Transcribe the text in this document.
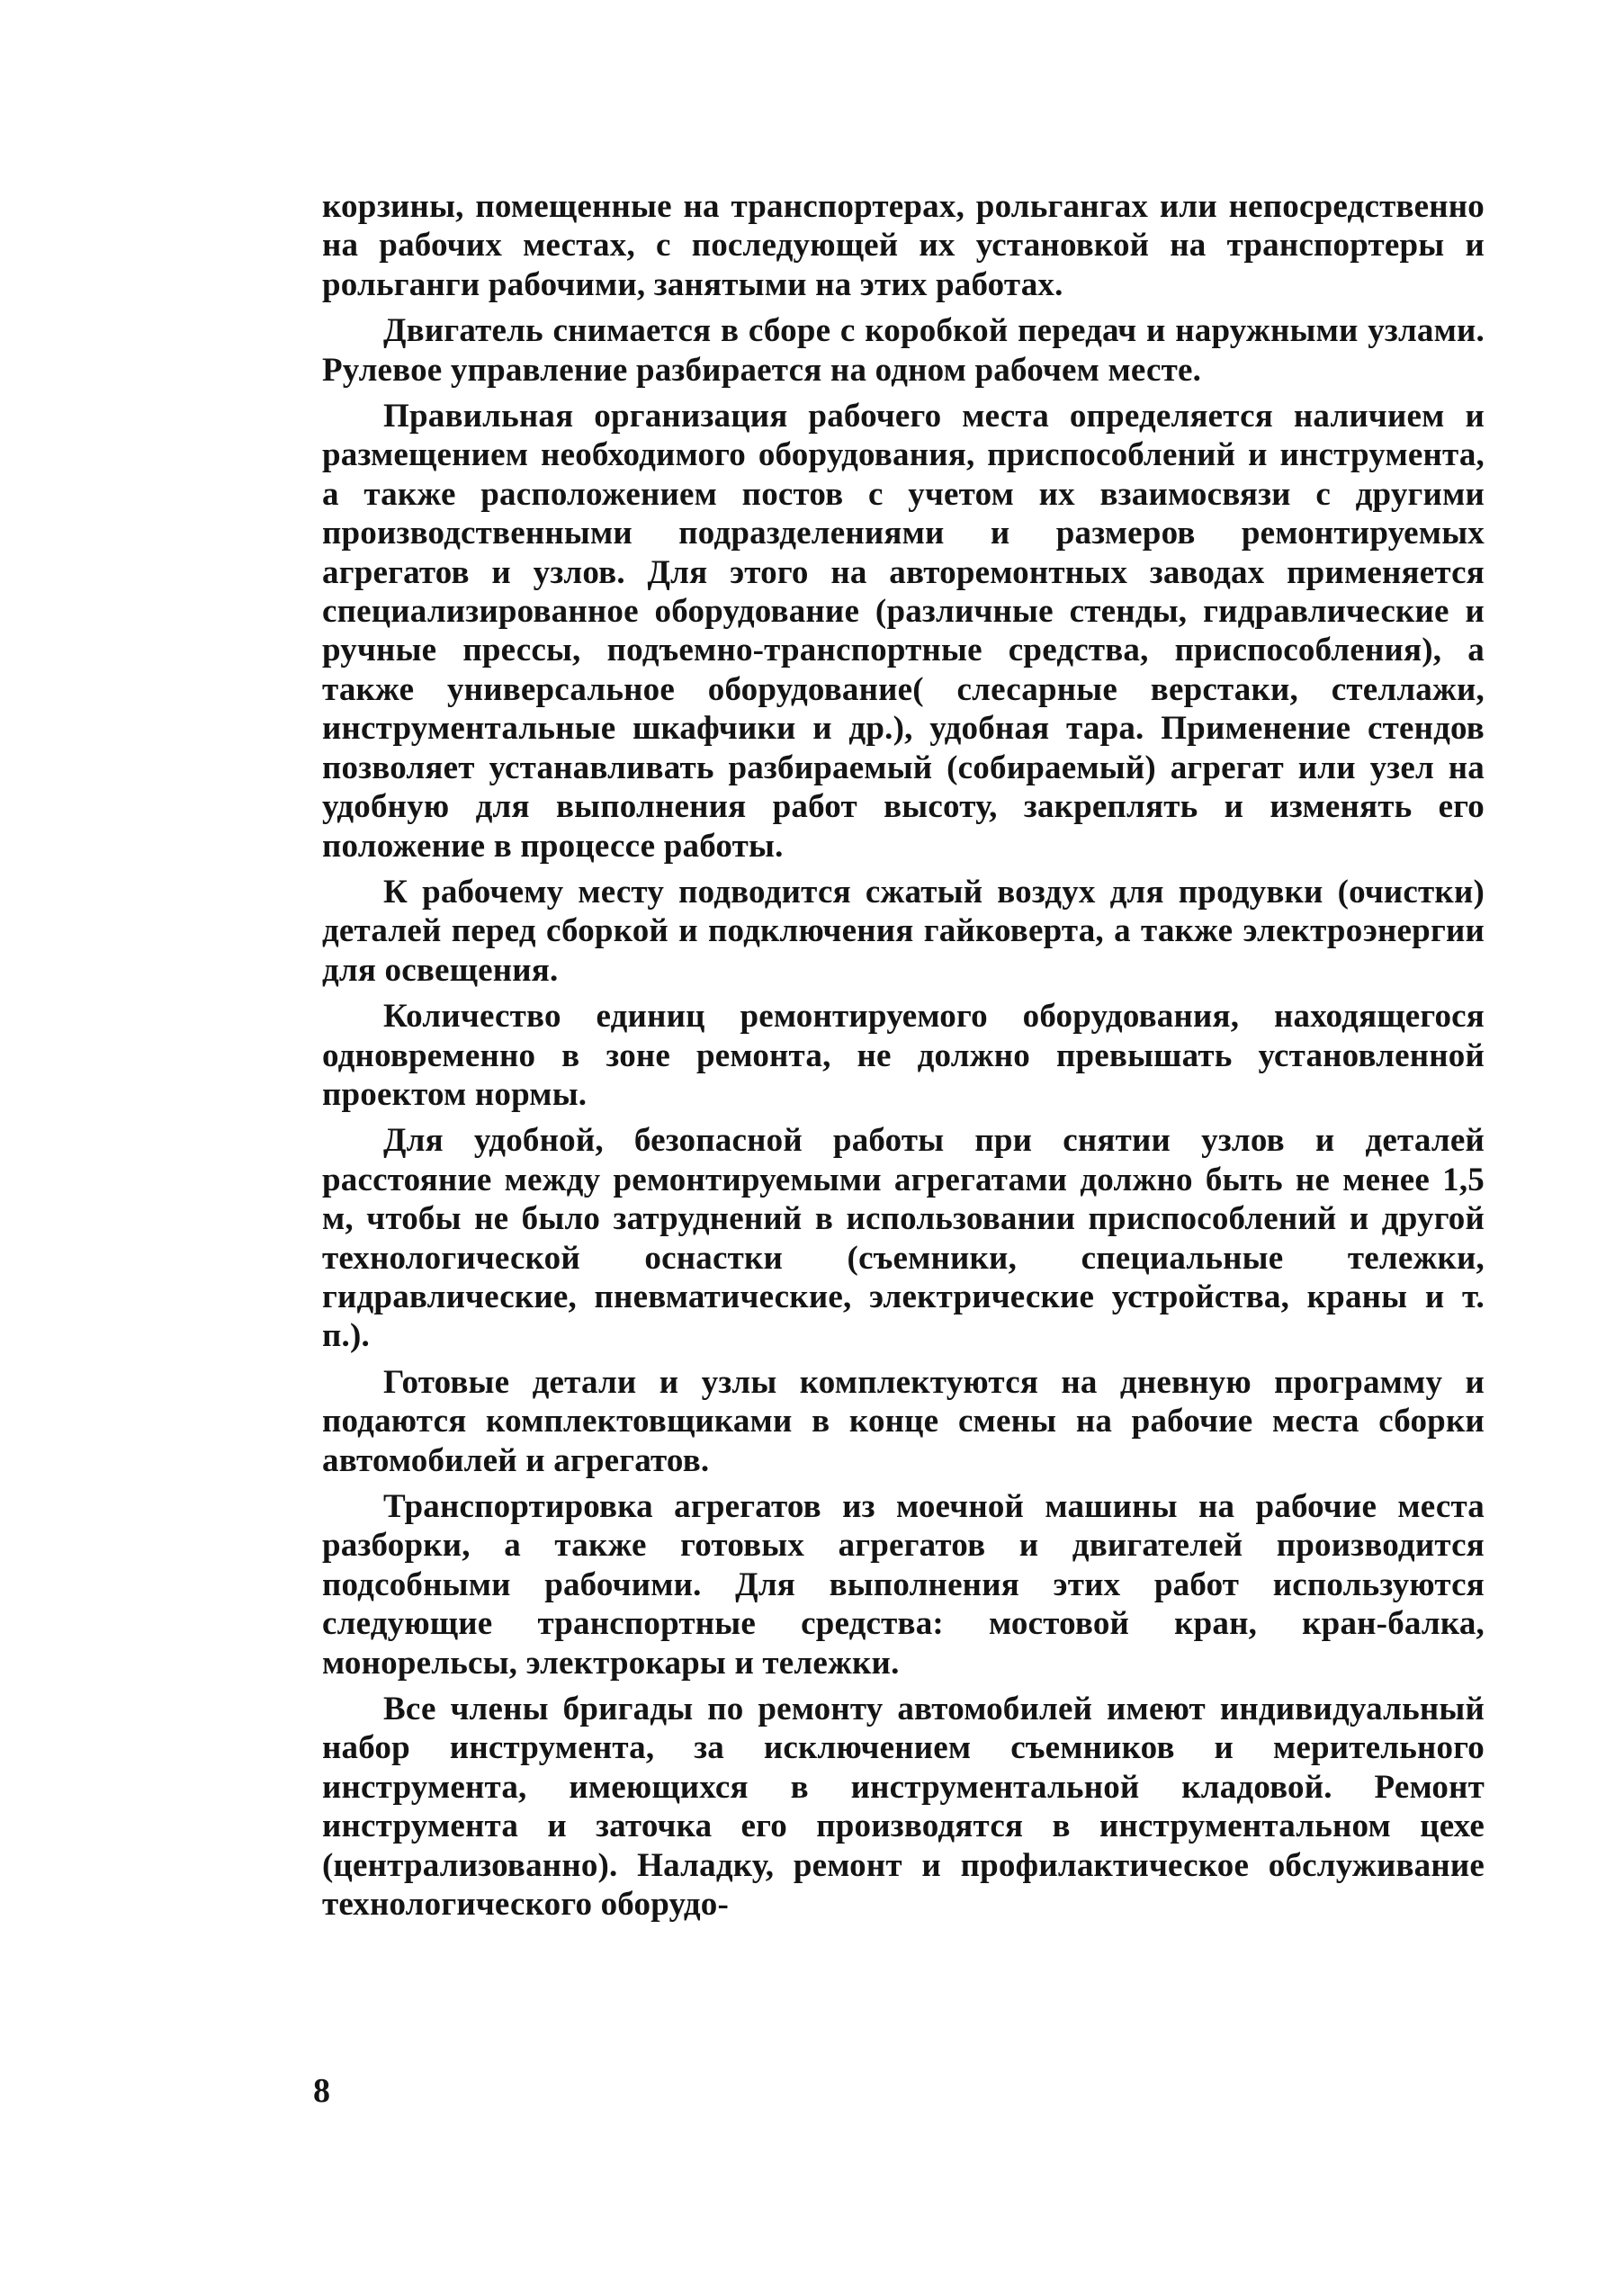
корзины, помещенные на транспортерах, рольгангах или непосредственно на рабочих местах, с последующей их установкой на транспортеры и рольганги рабочими, занятыми на этих работах.

Двигатель снимается в сборе с коробкой передач и наружными узлами. Рулевое управление разбирается на одном рабочем месте.

Правильная организация рабочего места определяется наличием и размещением необходимого оборудования, приспособлений и инструмента, а также расположением постов с учетом их взаимосвязи с другими производственными подразделениями и размеров ремонтируемых агрегатов и узлов. Для этого на авторемонтных заводах применяется специализированное оборудование (различные стенды, гидравлические и ручные прессы, подъемно-транспортные средства, приспособления), а также универсальное оборудование( слесарные верстаки, стеллажи, инструментальные шкафчики и др.), удобная тара. Применение стендов позволяет устанавливать разбираемый (собираемый) агрегат или узел на удобную для выполнения работ высоту, закреплять и изменять его положение в процессе работы.

К рабочему месту подводится сжатый воздух для продувки (очистки) деталей перед сборкой и подключения гайковерта, а также электроэнергии для освещения.

Количество единиц ремонтируемого оборудования, находящегося одновременно в зоне ремонта, не должно превышать установленной проектом нормы.

Для удобной, безопасной работы при снятии узлов и деталей расстояние между ремонтируемыми агрегатами должно быть не менее 1,5 м, чтобы не было затруднений в использовании приспособлений и другой технологической оснастки (съемники, специальные тележки, гидравлические, пневматические, электрические устройства, краны и т. п.).

Готовые детали и узлы комплектуются на дневную программу и подаются комплектовщиками в конце смены на рабочие места сборки автомобилей и агрегатов.

Транспортировка агрегатов из моечной машины на рабочие места разборки, а также готовых агрегатов и двигателей производится подсобными рабочими. Для выполнения этих работ используются следующие транспортные средства: мостовой кран, кран-балка, монорельсы, электрокары и тележки.

Все члены бригады по ремонту автомобилей имеют индивидуальный набор инструмента, за исключением съемников и мерительного инструмента, имеющихся в инструментальной кладовой. Ремонт инструмента и заточка его производятся в инструментальном цехе (централизованно). Наладку, ремонт и профилактическое обслуживание технологического оборудо-

8
